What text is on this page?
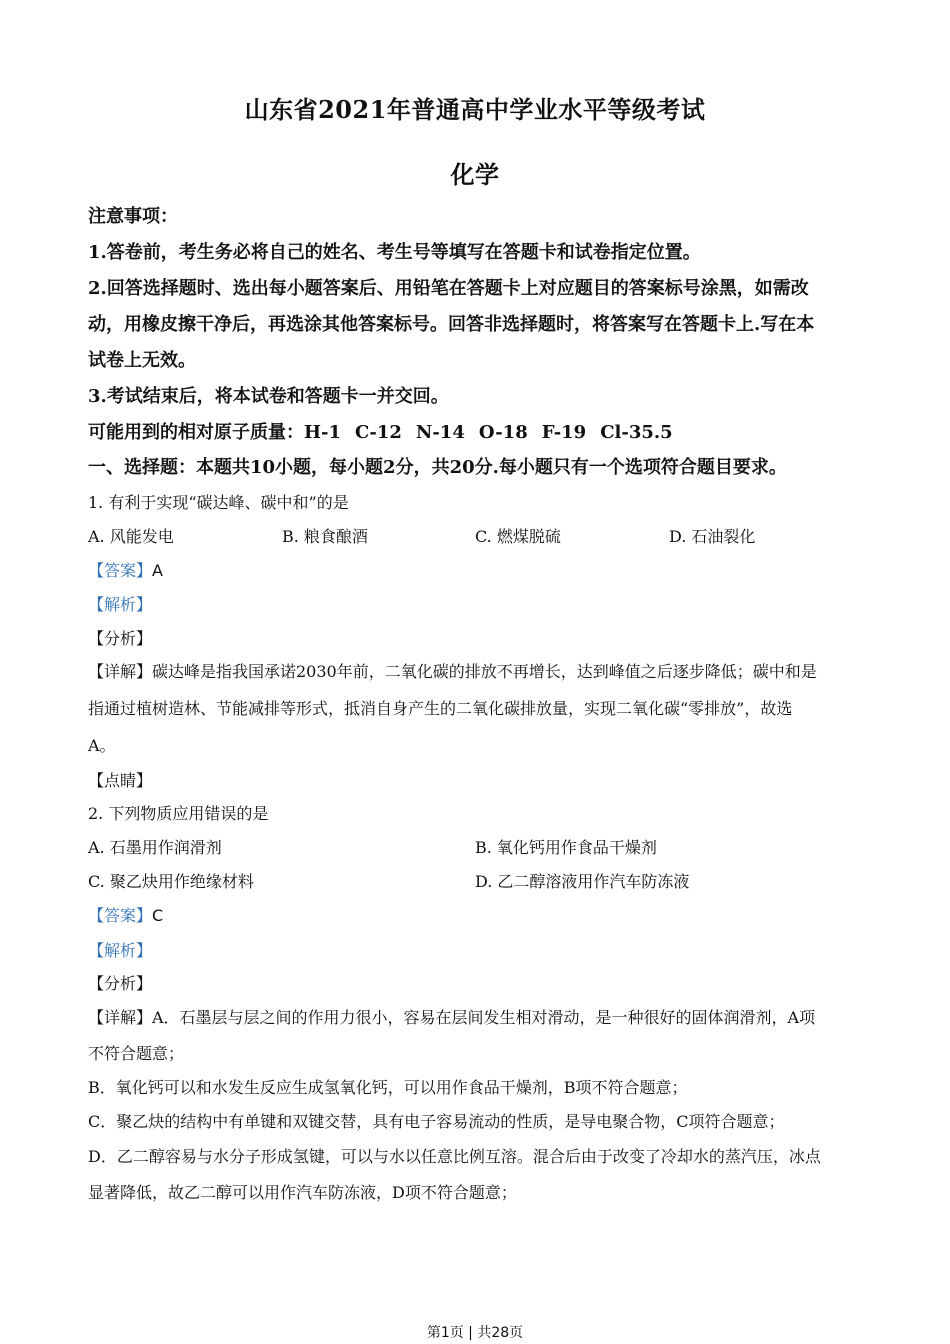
山东省2021年普通高中学业水平等级考试
化学
注意事项：
1.答卷前，考生务必将自己的姓名、考生号等填写在答题卡和试卷指定位置。
2.回答选择题时、选出每小题答案后、用铅笔在答题卡上对应题目的答案标号涂黑，如需改
动，用橡皮擦干净后，再选涂其他答案标号。回答非选择题时，将答案写在答题卡上.写在本
试卷上无效。
3.考试结束后，将本试卷和答题卡一并交回。
可能用到的相对原子质量：H-1 C-12 N-14 O-18 F-19 Cl-35.5
一、选择题：本题共10小题，每小题2分，共20分.每小题只有一个选项符合题目要求。
1. 有利于实现“碳达峰、碳中和”的是
A. 风能发电	B. 粮食酿酒	C. 燃煤脱硫	D. 石油裂化
【答案】A
【解析】
【分析】
【详解】碳达峰是指我国承诺2030年前，二氧化碳的排放不再增长，达到峰值之后逐步降低；碳中和是
指通过植树造林、节能减排等形式，抵消自身产生的二氧化碳排放量，实现二氧化碳“零排放”，故选
A。
【点睛】
2. 下列物质应用错误的是
A. 石墨用作润滑剂	B. 氧化钙用作食品干燥剂
C. 聚乙炔用作绝缘材料	D. 乙二醇溶液用作汽车防冻液
【答案】C
【解析】
【分析】
【详解】A．石墨层与层之间的作用力很小，容易在层间发生相对滑动，是一种很好的固体润滑剂，A项
不符合题意；
B．氧化钙可以和水发生反应生成氢氧化钙，可以用作食品干燥剂，B项不符合题意；
C．聚乙炔的结构中有单键和双键交替，具有电子容易流动的性质，是导电聚合物，C项符合题意；
D．乙二醇容易与水分子形成氢键，可以与水以任意比例互溶。混合后由于改变了冷却水的蒸汽压，冰点
显著降低，故乙二醇可以用作汽车防冻液，D项不符合题意；
第1页 | 共28页
